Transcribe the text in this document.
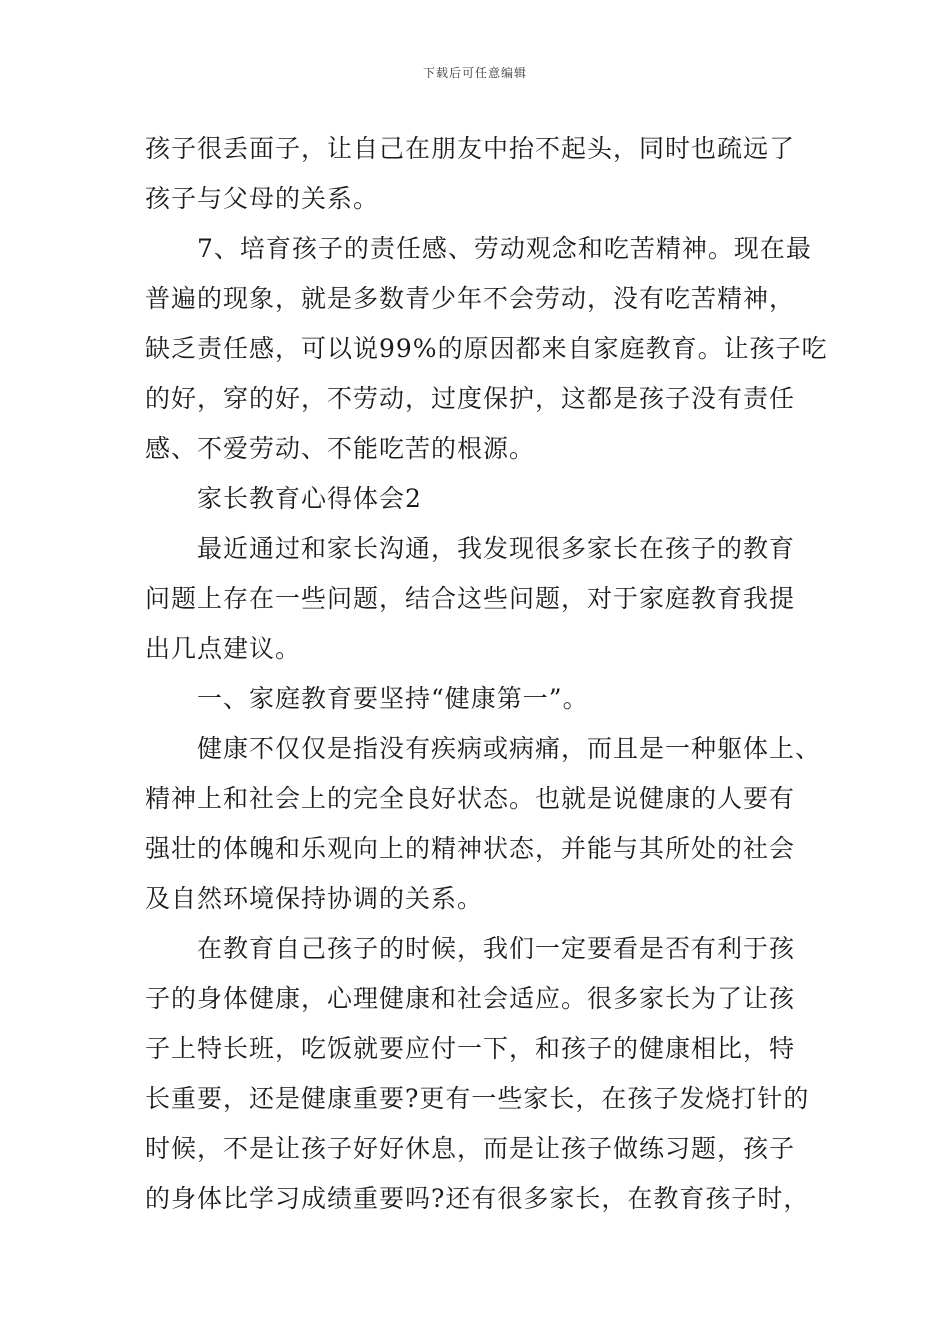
下载后可任意编辑
孩子很丢面子，让自己在朋友中抬不起头，同时也疏远了
孩子与父母的关系。
7、培育孩子的责任感、劳动观念和吃苦精神。现在最
普遍的现象，就是多数青少年不会劳动，没有吃苦精神，
缺乏责任感，可以说99%的原因都来自家庭教育。让孩子吃
的好，穿的好，不劳动，过度保护，这都是孩子没有责任
感、不爱劳动、不能吃苦的根源。
家长教育心得体会2
最近通过和家长沟通，我发现很多家长在孩子的教育
问题上存在一些问题，结合这些问题，对于家庭教育我提
出几点建议。
一、家庭教育要坚持“健康第一”。
健康不仅仅是指没有疾病或病痛，而且是一种躯体上、
精神上和社会上的完全良好状态。也就是说健康的人要有
强壮的体魄和乐观向上的精神状态，并能与其所处的社会
及自然环境保持协调的关系。
在教育自己孩子的时候，我们一定要看是否有利于孩
子的身体健康，心理健康和社会适应。很多家长为了让孩
子上特长班，吃饭就要应付一下，和孩子的健康相比，特
长重要，还是健康重要?更有一些家长，在孩子发烧打针的
时候，不是让孩子好好休息，而是让孩子做练习题，孩子
的身体比学习成绩重要吗?还有很多家长，在教育孩子时，
